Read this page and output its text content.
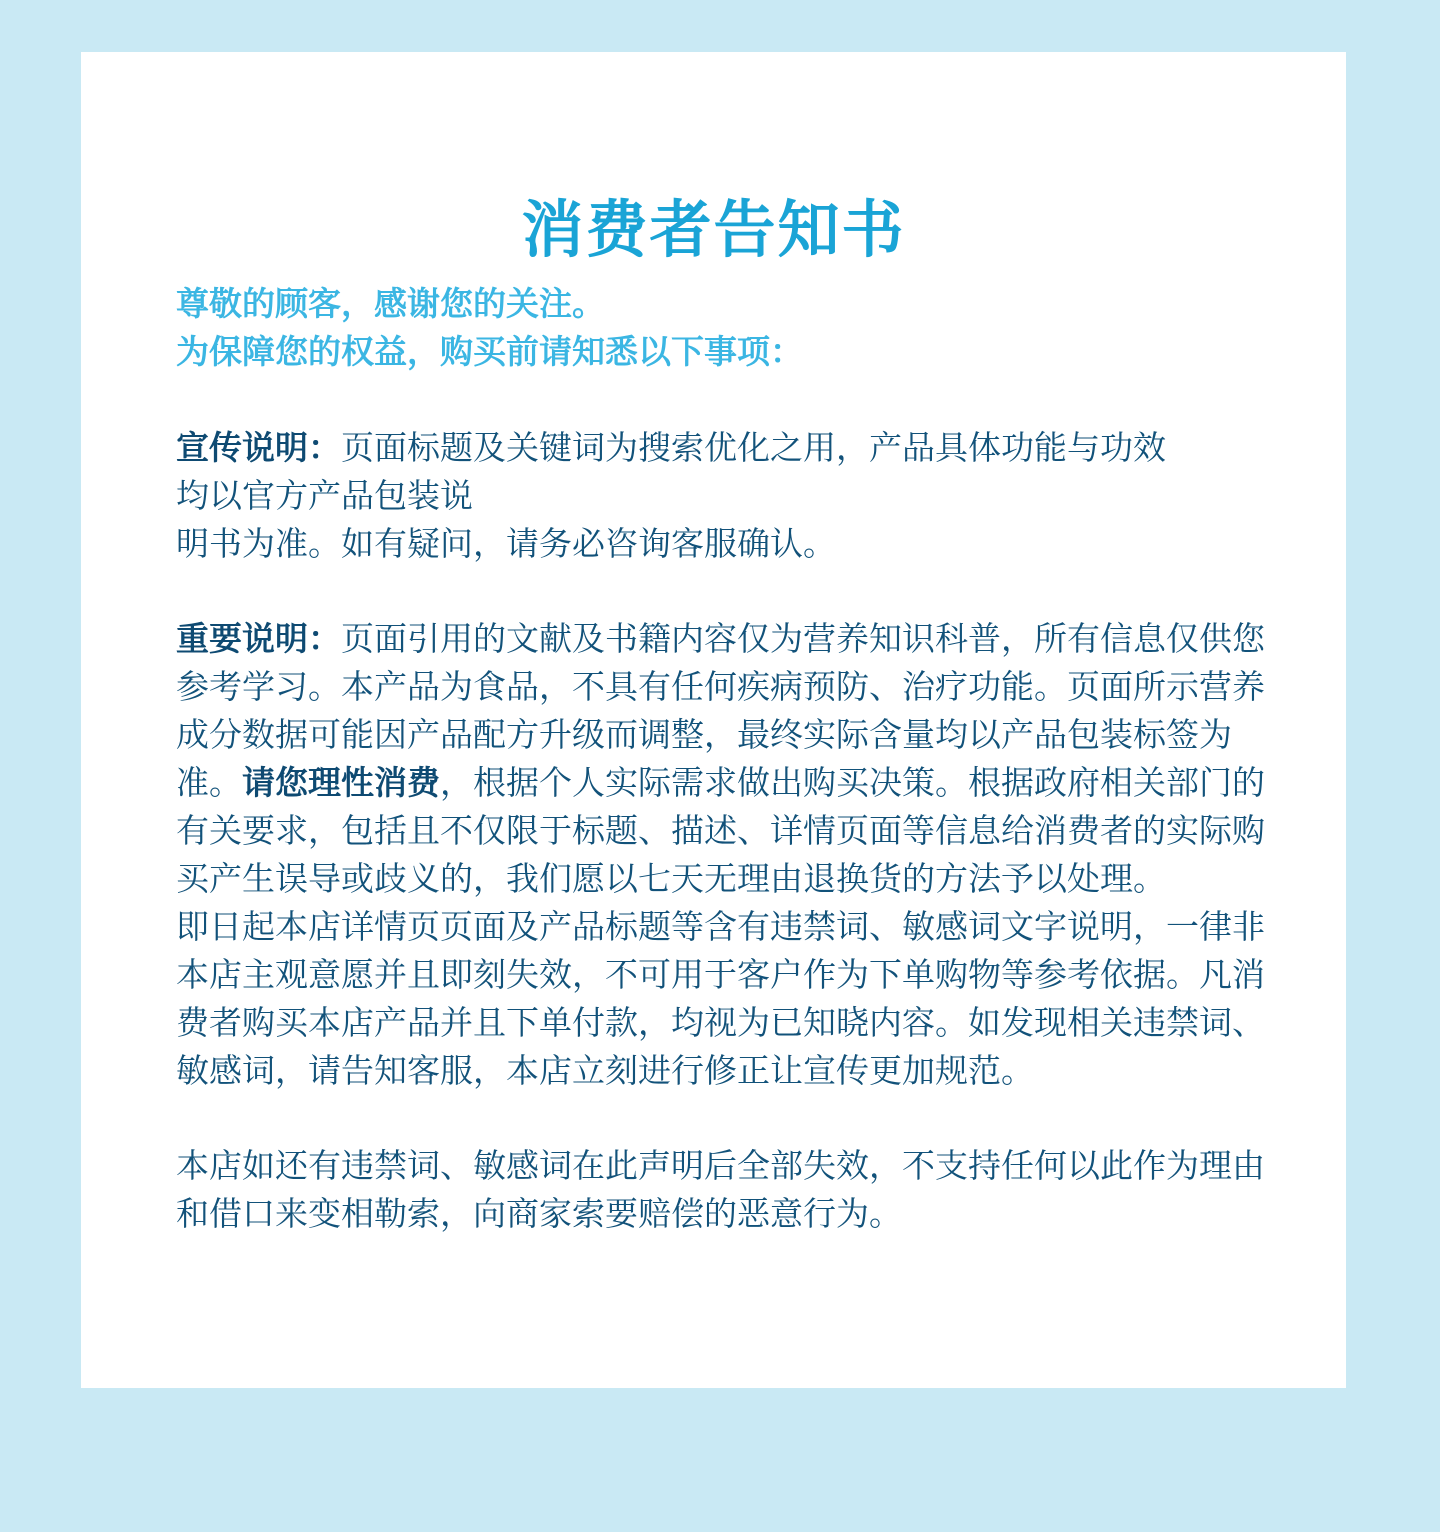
消费者告知书

尊敬的顾客，感谢您的关注。

为保障您的权益，购买前请知悉以下事项：

宣传说明：页面标题及关键词为搜索优化之用，产品具体功能与功效

均以官方产品包装说

明书为准。如有疑问，请务必咨询客服确认。

重要说明：页面引用的文献及书籍内容仅为营养知识科普，所有信息仅供您参考学习。本产品为食品，不具有任何疾病预防、治疗功能。页面所示营养成分数据可能因产品配方升级而调整，最终实际含量均以产品包装标签为准。请您理性消费，根据个人实际需求做出购买决策。根据政府相关部门的有关要求，包括且不仅限于标题、描述、详情页面等信息给消费者的实际购买产生误导或歧义的，我们愿以七天无理由退换货的方法予以处理。

即日起本店详情页页面及产品标题等含有违禁词、敏感词文字说明，一律非本店主观意愿并且即刻失效，不可用于客户作为下单购物等参考依据。凡消费者购买本店产品并且下单付款，均视为已知晓内容。如发现相关违禁词、敏感词，请告知客服，本店立刻进行修正让宣传更加规范。

本店如还有违禁词、敏感词在此声明后全部失效，不支持任何以此作为理由和借口来变相勒索，向商家索要赔偿的恶意行为。
